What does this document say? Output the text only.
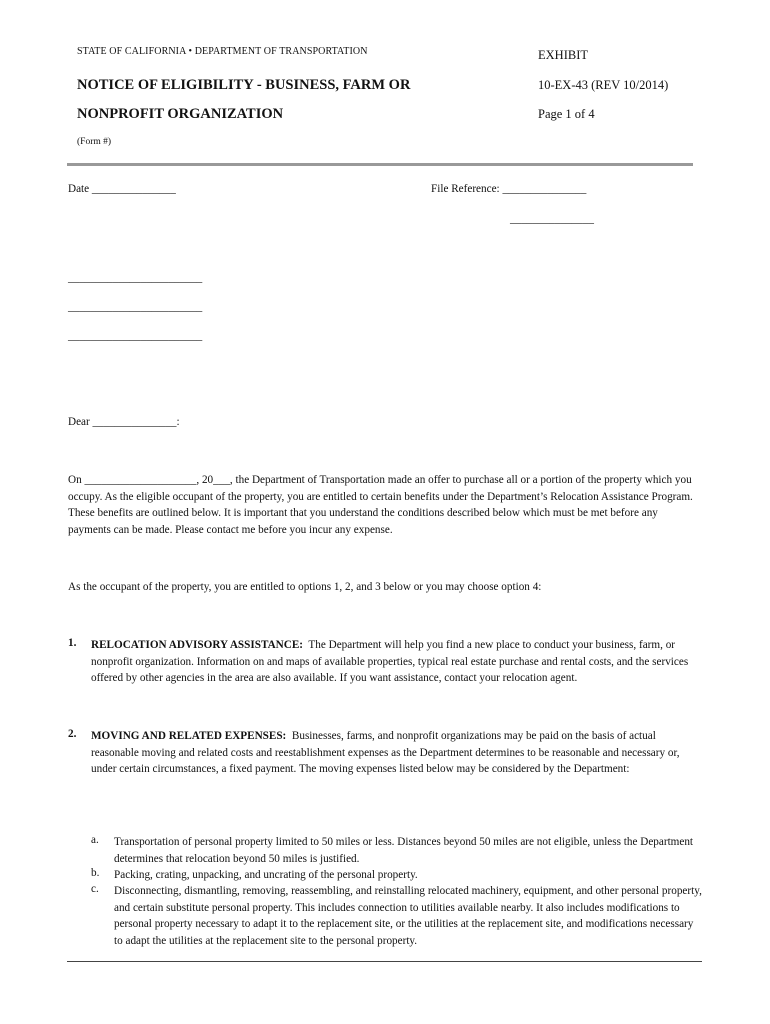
STATE OF CALIFORNIA • DEPARTMENT OF TRANSPORTATION	EXHIBIT
NOTICE OF ELIGIBILITY - BUSINESS, FARM OR	10-EX-43 (REV 10/2014)
NONPROFIT ORGANIZATION	Page 1 of 4
(Form #)
Date _______________	File Reference: _______________
_______________
________________________
________________________
________________________
Dear _______________:
On ____________________, 20___, the Department of Transportation made an offer to purchase all or a portion of the property which you occupy. As the eligible occupant of the property, you are entitled to certain benefits under the Department’s Relocation Assistance Program. These benefits are outlined below. It is important that you understand the conditions described below which must be met before any payments can be made. Please contact me before you incur any expense.
As the occupant of the property, you are entitled to options 1, 2, and 3 below or you may choose option 4:
1. RELOCATION ADVISORY ASSISTANCE: The Department will help you find a new place to conduct your business, farm, or nonprofit organization. Information on and maps of available properties, typical real estate purchase and rental costs, and the services offered by other agencies in the area are also available. If you want assistance, contact your relocation agent.
2. MOVING AND RELATED EXPENSES: Businesses, farms, and nonprofit organizations may be paid on the basis of actual reasonable moving and related costs and reestablishment expenses as the Department determines to be reasonable and necessary or, under certain circumstances, a fixed payment. The moving expenses listed below may be considered by the Department:
a. Transportation of personal property limited to 50 miles or less. Distances beyond 50 miles are not eligible, unless the Department determines that relocation beyond 50 miles is justified.
b. Packing, crating, unpacking, and uncrating of the personal property.
c. Disconnecting, dismantling, removing, reassembling, and reinstalling relocated machinery, equipment, and other personal property, and certain substitute personal property. This includes connection to utilities available nearby. It also includes modifications to personal property necessary to adapt it to the replacement site, or the utilities at the replacement site, and modifications necessary to adapt the utilities at the replacement site to the personal property.
